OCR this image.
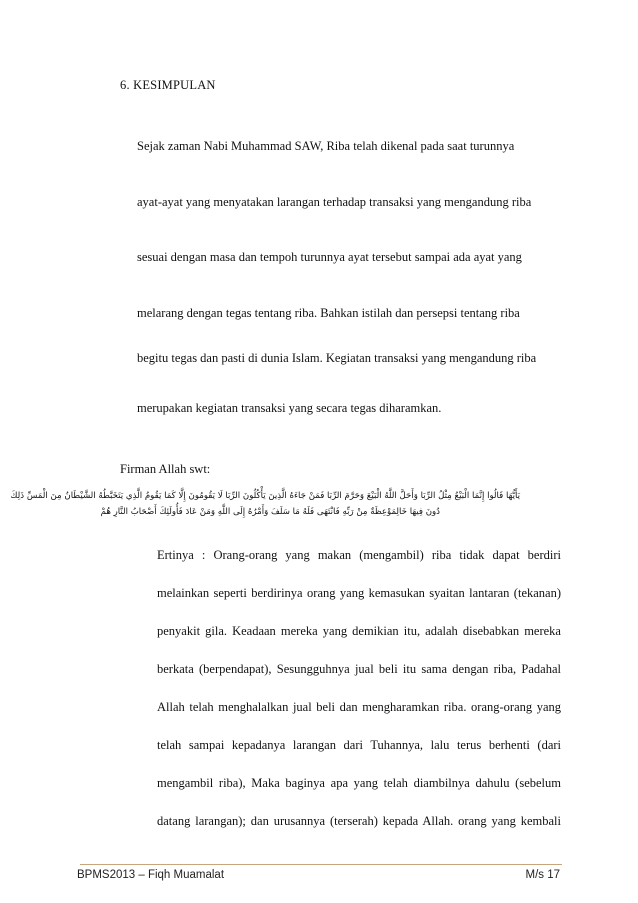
6. KESIMPULAN
Sejak zaman Nabi Muhammad SAW, Riba telah dikenal pada saat turunnya
ayat-ayat yang menyatakan larangan terhadap transaksi yang mengandung riba
sesuai dengan masa dan tempoh turunnya ayat tersebut sampai ada ayat yang
melarang dengan tegas tentang riba. Bahkan istilah dan persepsi tentang riba
begitu tegas dan pasti di dunia Islam. Kegiatan transaksi yang mengandung riba
merupakan kegiatan transaksi yang secara tegas diharamkan.
Firman Allah swt:
يَأَيُّهَا قَالُوا إِنَّمَا الْبَيْعُ مِثْلُ الرِّبَا وَأَحَلَّ اللَّهُ الْبَيْعَ وَحَرَّمَ الرِّبَا فَمَنْ جَاءَهُ الَّذِينَ يَأْكُلُونَ الرِّبَا لَا يَقُومُونَ إِلَّا كَمَا يَقُومُ الَّذِي يَتَخَبَّطُهُ الشَّيْطَانُ مِنَ الْمَسِّ ذَلِكَ
دُونَ فِيهَا خَالِمَوْعِظَةٌ مِنْ رَبِّهِ فَانْتَهَى فَلَهُ مَا سَلَفَ وَأَمْرُهُ إِلَى اللَّهِ وَمَنْ عَادَ فَأُولَئِكَ أَصْحَابُ النَّارِ هُمْ
Ertinya : Orang-orang yang makan (mengambil) riba tidak dapat berdiri
melainkan seperti berdirinya orang yang kemasukan syaitan lantaran (tekanan)
penyakit gila. Keadaan mereka yang demikian itu, adalah disebabkan mereka
berkata (berpendapat), Sesungguhnya jual beli itu sama dengan riba, Padahal
Allah telah menghalalkan jual beli dan mengharamkan riba. orang-orang yang
telah sampai kepadanya larangan dari Tuhannya, lalu terus berhenti (dari
mengambil riba), Maka baginya apa yang telah diambilnya dahulu (sebelum
datang larangan); dan urusannya (terserah) kepada Allah. orang yang kembali
BPMS2013 – Fiqh Muamalat	M/s 17
